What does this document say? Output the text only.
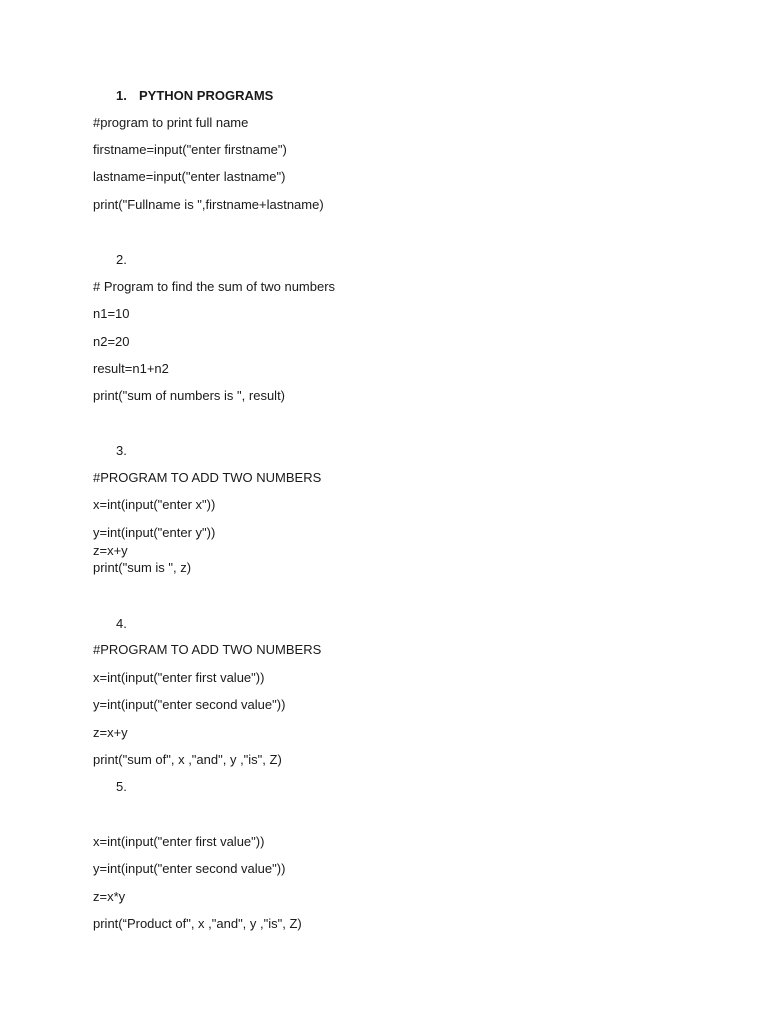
1. PYTHON PROGRAMS

#program to print full name

firstname=input("enter firstname")

lastname=input("enter lastname")

print("Fullname is ",firstname+lastname)

2.

# Program to find the sum of two numbers

n1=10

n2=20

result=n1+n2

print("sum of numbers is ", result)

3.

#PROGRAM TO ADD TWO NUMBERS

x=int(input("enter x"))

y=int(input("enter y"))

z=x+y

print("sum is ", z)

4.

#PROGRAM TO ADD TWO NUMBERS

x=int(input("enter first value"))

y=int(input("enter second value"))

z=x+y

print("sum of", x ,"and", y ,"is", Z)

5.

x=int(input("enter first value"))

y=int(input("enter second value"))

z=x*y

print(“Product of", x ,"and", y ,"is", Z)
